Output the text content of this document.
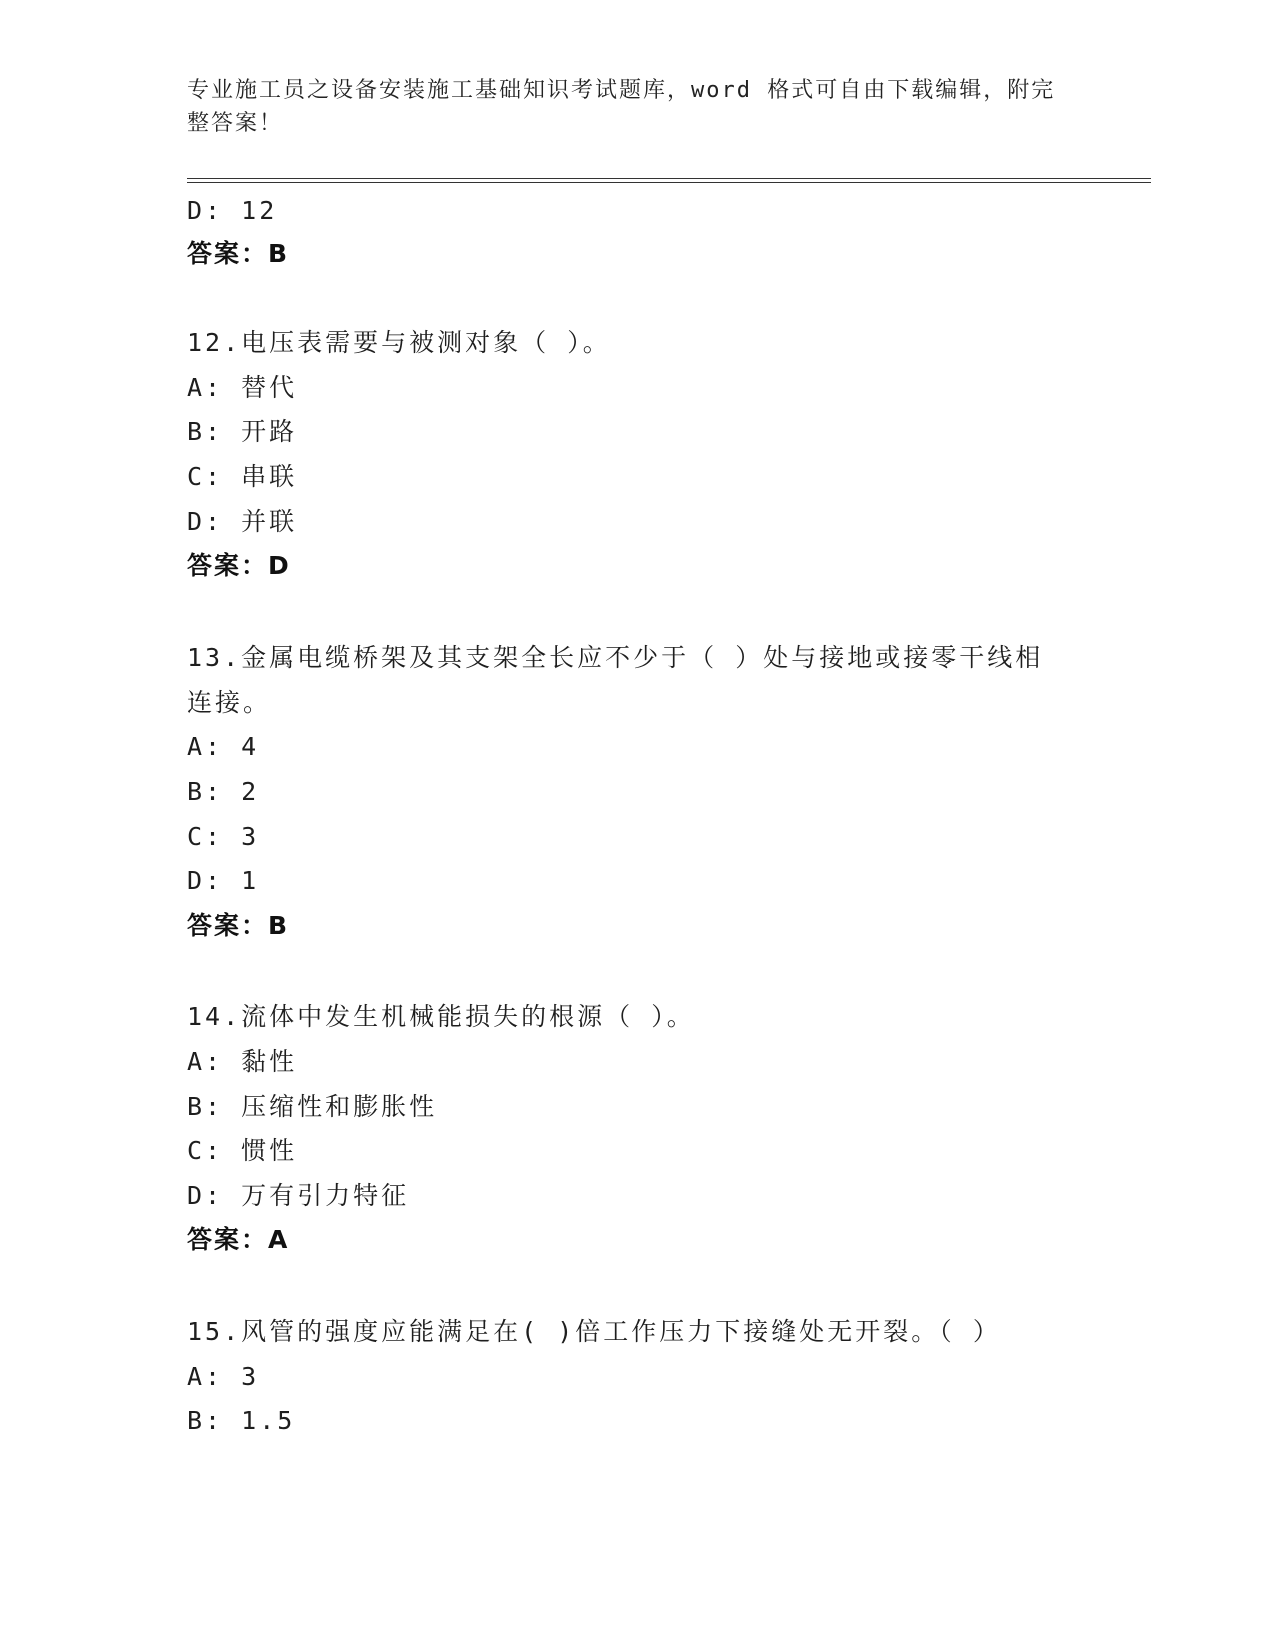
专业施工员之设备安装施工基础知识考试题库，word 格式可自由下载编辑，附完
整答案！
D: 12
答案：B
12.电压表需要与被测对象（ ）。
A: 替代
B: 开路
C: 串联
D: 并联
答案：D
13.金属电缆桥架及其支架全长应不少于（ ）处与接地或接零干线相
连接。
A: 4
B: 2
C: 3
D: 1
答案：B
14.流体中发生机械能损失的根源（ ）。
A: 黏性
B: 压缩性和膨胀性
C: 惯性
D: 万有引力特征
答案：A
15.风管的强度应能满足在( )倍工作压力下接缝处无开裂。（ ）
A: 3
B: 1.5
